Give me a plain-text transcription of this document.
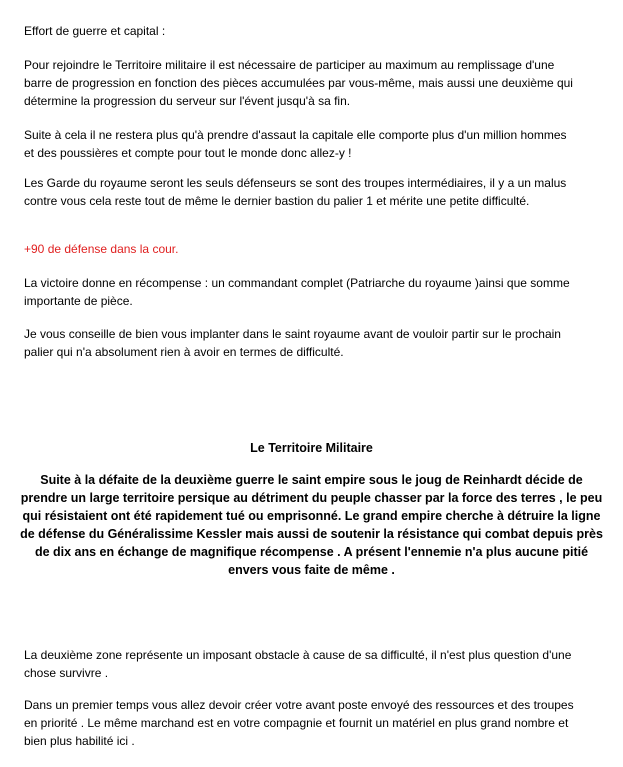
Effort de guerre et capital :

Pour rejoindre le Territoire militaire il est nécessaire de participer au maximum au remplissage d'une barre de progression en fonction des pièces accumulées par vous-même, mais aussi une deuxième qui détermine la progression du serveur sur l'évent jusqu'à sa fin.

Suite à cela il ne restera plus qu'à prendre d'assaut la capitale elle comporte plus d'un million hommes et des poussières et compte pour tout le monde donc allez-y !

Les Garde du royaume seront les seuls défenseurs se sont des troupes intermédiaires, il y a un malus contre vous cela reste tout de même le dernier bastion du palier 1 et mérite une petite difficulté.

+90 de défense dans la cour.

La victoire donne en récompense : un commandant complet (Patriarche du royaume )ainsi que somme importante de pièce.

Je vous conseille de bien vous implanter dans le saint royaume avant de vouloir partir sur le prochain palier qui n'a absolument rien à avoir en termes de difficulté.

Le Territoire Militaire
Suite à la défaite de la deuxième guerre le saint empire sous le joug de Reinhardt décide de prendre un large territoire persique au détriment du peuple chasser par la force des terres , le peu qui résistaient ont été rapidement tué ou emprisonné. Le grand empire cherche à détruire la ligne de défense du Généralissime Kessler mais aussi de soutenir la résistance qui combat depuis près de dix ans en échange de magnifique récompense . A présent l'ennemie n'a plus aucune pitié envers vous faite de même .

La deuxième zone représente un imposant obstacle à cause de sa difficulté, il n'est plus question d'une chose survivre .

Dans un premier temps vous allez devoir créer votre avant poste envoyé des ressources et des troupes en priorité . Le même marchand est en votre compagnie et fournit un matériel en plus grand nombre et bien plus habilité ici .
